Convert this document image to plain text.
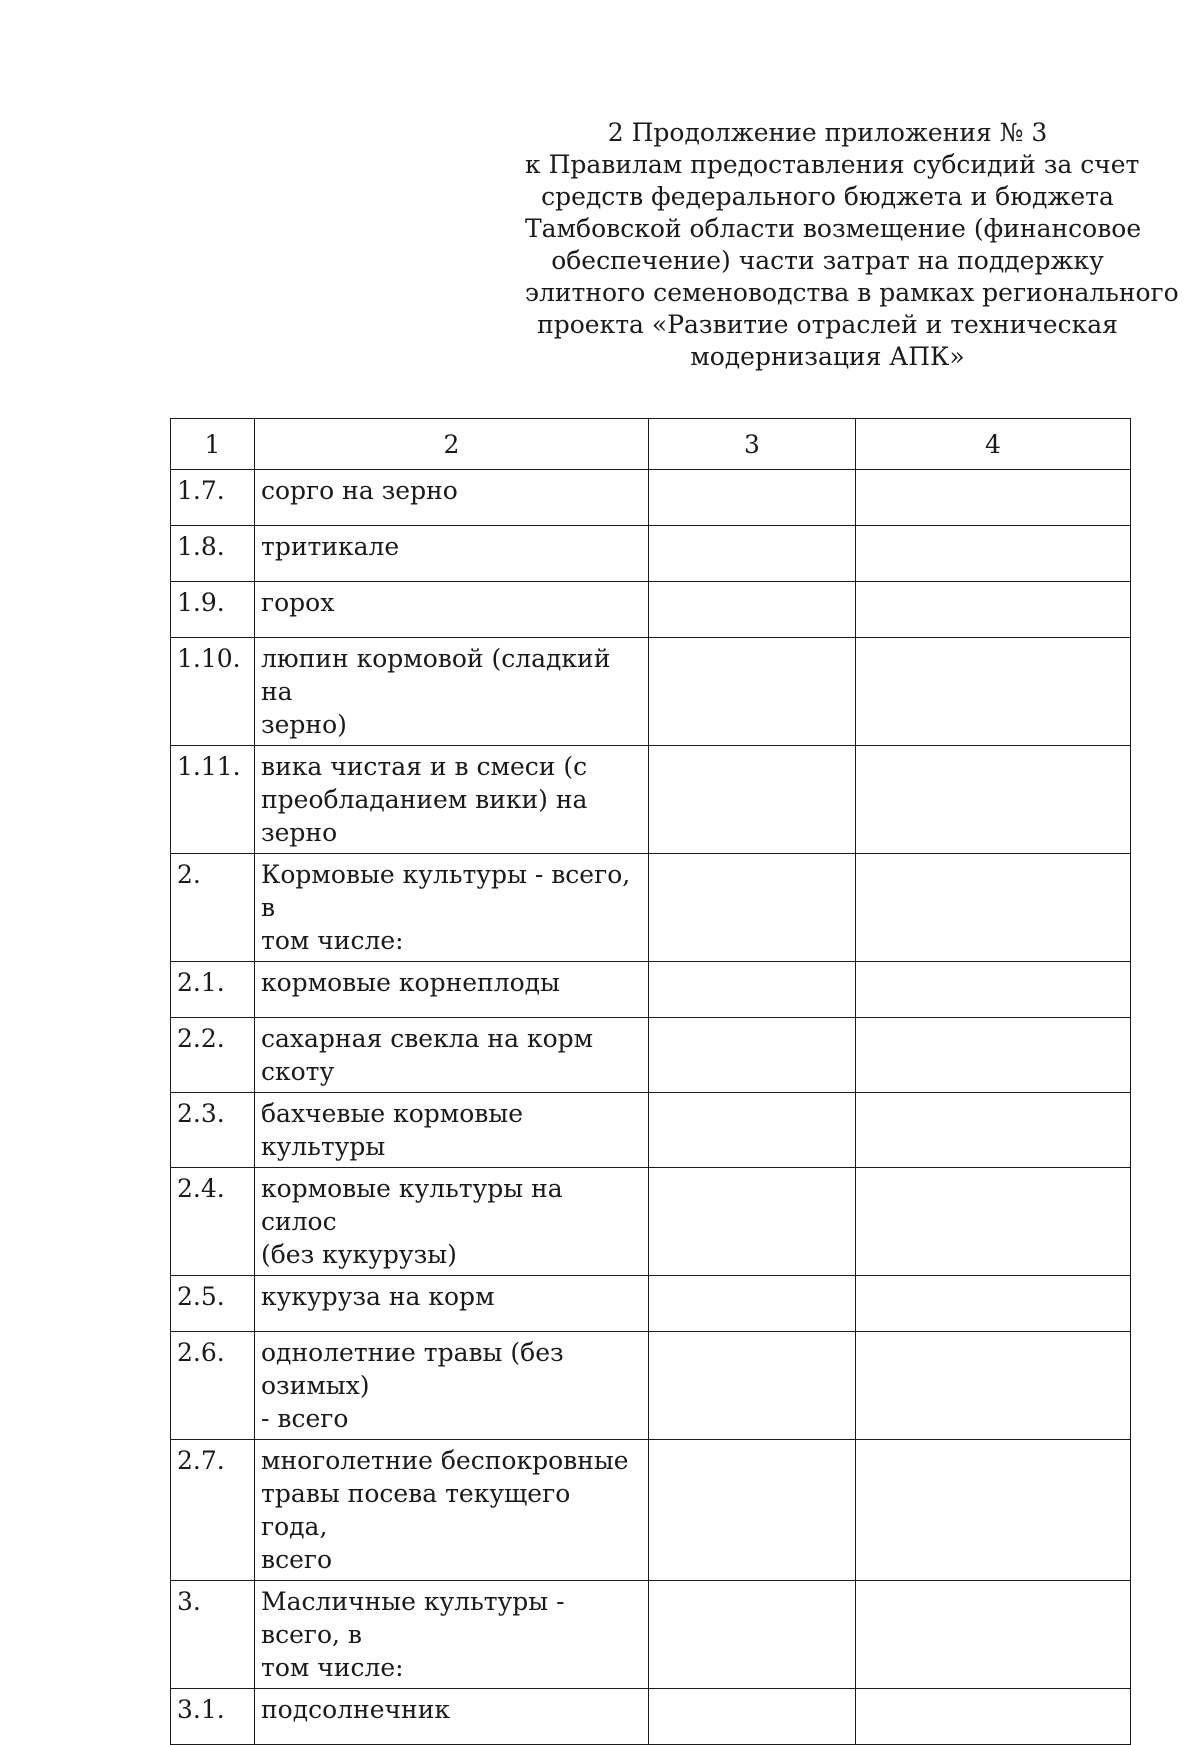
2 Продолжение приложения № 3
к Правилам предоставления субсидий за счет
средств федерального бюджета и бюджета
Тамбовской области возмещение (финансовое
обеспечение) части затрат на поддержку
элитного семеноводства в рамках регионального
проекта «Развитие отраслей и техническая
модернизация АПК»
1	2	3	4
1.7.	сорго на зерно		

1.8.	тритикале		

1.9.	горох		

1.10.	люпин кормовой (сладкий на
зерно)		

1.11.	вика чистая и в смеси (с
преобладанием вики) на зерно		

2.	Кормовые культуры - всего, в
том числе:		

2.1.	кормовые корнеплоды		

2.2.	сахарная свекла на корм скоту		

2.3.	бахчевые кормовые культуры		

2.4.	кормовые культуры на силос
(без кукурузы)		

2.5.	кукуруза на корм		

2.6.	однолетние травы (без озимых)
- всего		

2.7.	многолетние беспокровные
травы посева текущего года,
всего		

3.	Масличные культуры - всего, в
том числе:		

3.1.	подсолнечник		
